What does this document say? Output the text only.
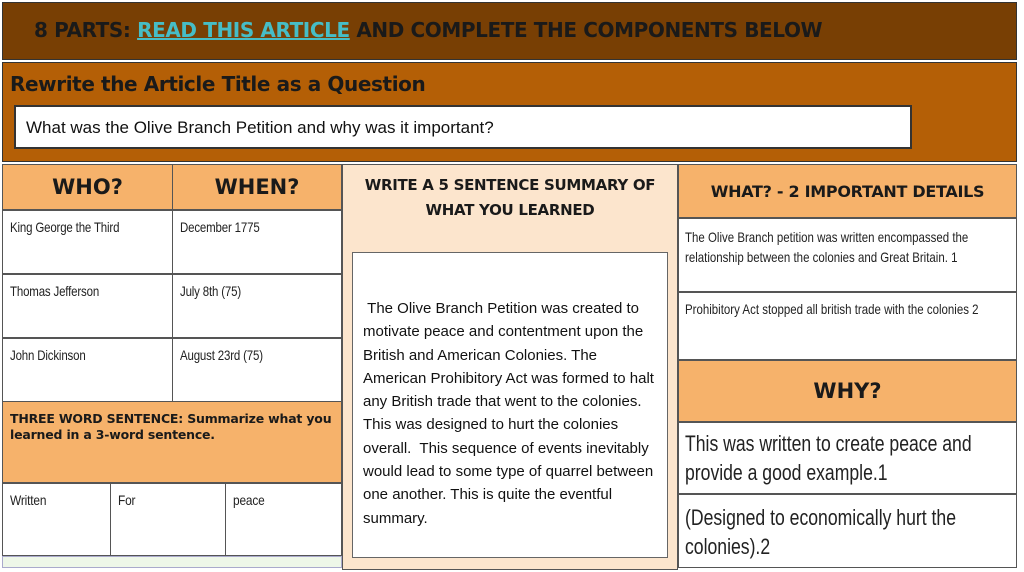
8 PARTS: READ THIS ARTICLE AND COMPLETE THE COMPONENTS BELOW
Rewrite the Article Title as a Question
What was the Olive Branch Petition and why was it important?
WHO?	WHEN?
King George the Third	December 1775
Thomas Jefferson	July 8th (75)
John Dickinson	August 23rd (75)
THREE WORD SENTENCE: Summarize what you learned in a 3-word sentence.
Written	For	peace
WRITE A 5 SENTENCE SUMMARY OF WHAT YOU LEARNED
The Olive Branch Petition was created to motivate peace and contentment upon the British and American Colonies. The American Prohibitory Act was formed to halt any British trade that went to the colonies. This was designed to hurt the colonies overall.  This sequence of events inevitably would lead to some type of quarrel between one another. This is quite the eventful summary.
WHAT? - 2 IMPORTANT DETAILS
The Olive Branch petition was written encompassed the relationship between the colonies and Great Britain. 1
Prohibitory Act stopped all british trade with the colonies 2
WHY?
This was written to create peace and provide a good example.1
(Designed to economically hurt the colonies).2
